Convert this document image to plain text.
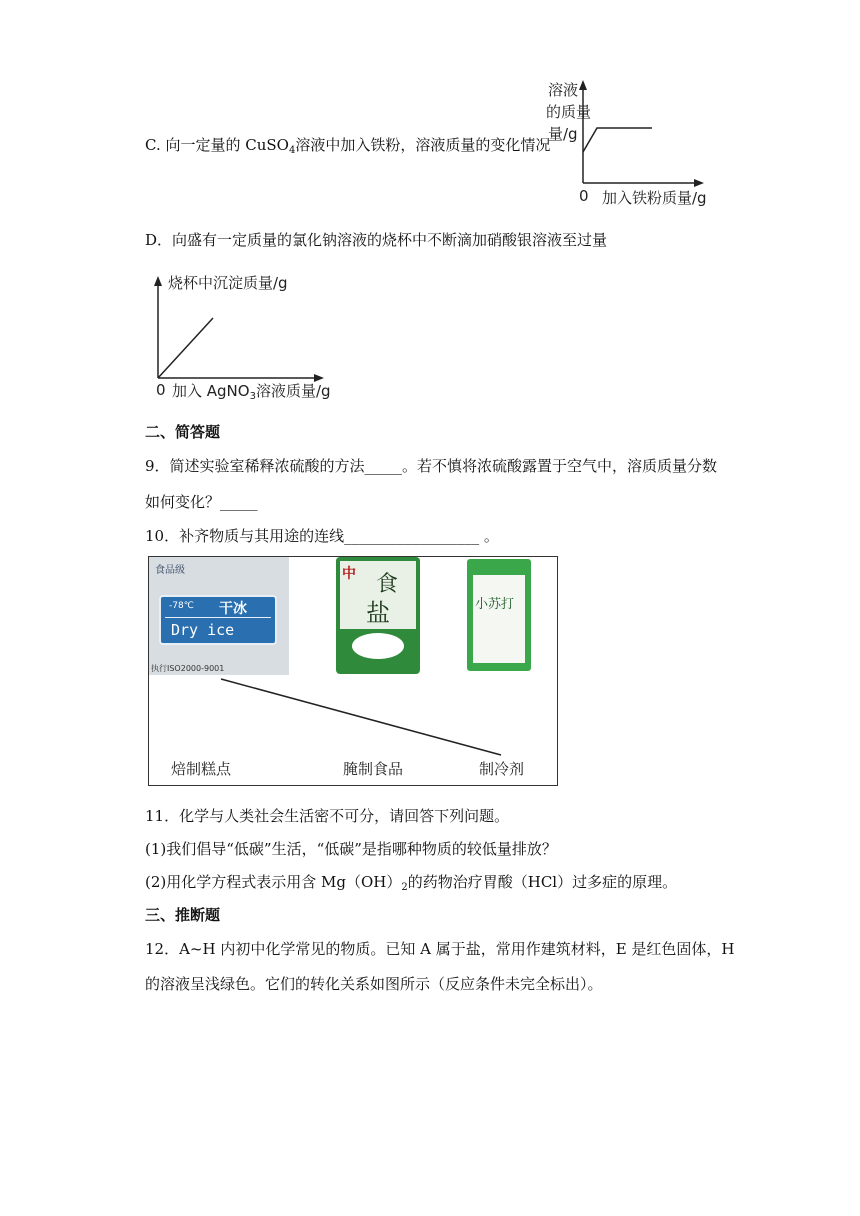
C. 向一定量的 CuSO$_4$溶液中加入铁粉，溶液质量的变化情况
溶液
的质量
量/g
0 加入铁粉质量/g
D．向盛有一定质量的氯化钠溶液的烧杯中不断滴加硝酸银溶液至过量
烧杯中沉淀质量/g
0 加入 AgNO$_3$溶液质量/g
二、简答题
9．简述实验室稀释浓硫酸的方法_____。若不慎将浓硫酸露置于空气中，溶质质量分数
如何变化？_____
10．补齐物质与其用途的连线__________________ 。
食品级
-78℃ 干冰
Dry ice
执行ISO2000-9001
中 食
盐	小苏打
焙制糕点	腌制食品	制冷剂
11．化学与人类社会生活密不可分，请回答下列问题。
(1)我们倡导“低碳”生活，“低碳”是指哪种物质的较低量排放？
(2)用化学方程式表示用含 $Mg(OH)_2$的药物治疗胃酸（HCl）过多症的原理。
三、推断题
12．A~H 内初中化学常见的物质。已知 A 属于盐，常用作建筑材料，E 是红色固体，H
的溶液呈浅绿色。它们的转化关系如图所示（反应条件未完全标出）。
